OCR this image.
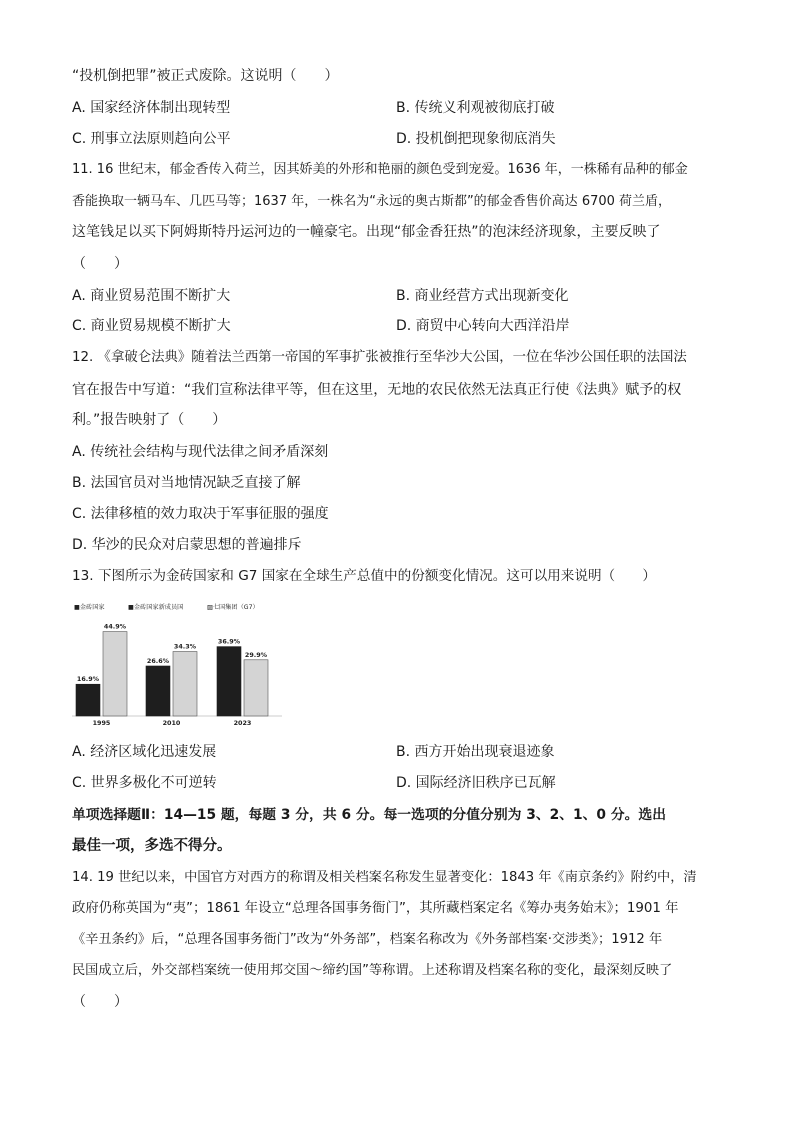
“投机倒把罪”被正式废除。这说明（　　）
A. 国家经济体制出现转型	B. 传统义利观被彻底打破
C. 刑事立法原则趋向公平	D. 投机倒把现象彻底消失
11. 16 世纪末，郁金香传入荷兰，因其娇美的外形和艳丽的颜色受到宠爱。1636 年，一株稀有品种的郁金
香能换取一辆马车、几匹马等；1637 年，一株名为“永远的奥古斯都”的郁金香售价高达 6700 荷兰盾，
这笔钱足以买下阿姆斯特丹运河边的一幢豪宅。出现“郁金香狂热”的泡沫经济现象，主要反映了
（　　）
A. 商业贸易范围不断扩大	B. 商业经营方式出现新变化
C. 商业贸易规模不断扩大	D. 商贸中心转向大西洋沿岸
12. 《拿破仑法典》随着法兰西第一帝国的军事扩张被推行至华沙大公国，一位在华沙公国任职的法国法
官在报告中写道：“我们宣称法律平等，但在这里，无地的农民依然无法真正行使《法典》赋予的权
利。”报告映射了（　　）
A. 传统社会结构与现代法律之间矛盾深刻
B. 法国官员对当地情况缺乏直接了解
C. 法律移植的效力取决于军事征服的强度
D. 华沙的民众对启蒙思想的普遍排斥
13. 下图所示为金砖国家和 G7 国家在全球生产总值中的份额变化情况。这可以用来说明（　　）
■金砖国家	■金砖国家新成员国	▨七国集团（G7）
16.9%
44.9%
26.6%
34.3%
36.9%
29.9%
1995	2010	2023
A. 经济区域化迅速发展	B. 西方开始出现衰退迹象
C. 世界多极化不可逆转	D. 国际经济旧秩序已瓦解
单项选择题Ⅱ：14—15 题，每题 3 分，共 6 分。每一选项的分值分别为 3、2、1、0 分。选出
最佳一项，多选不得分。
14. 19 世纪以来，中国官方对西方的称谓及相关档案名称发生显著变化：1843 年《南京条约》附约中，清
政府仍称英国为“夷”；1861 年设立“总理各国事务衙门”，其所藏档案定名《筹办夷务始末》；1901 年
《辛丑条约》后，“总理各国事务衙门”改为“外务部”，档案名称改为《外务部档案·交涉类》；1912 年
民国成立后，外交部档案统一使用邦交国～缔约国”等称谓。上述称谓及档案名称的变化，最深刻反映了
（　　）
